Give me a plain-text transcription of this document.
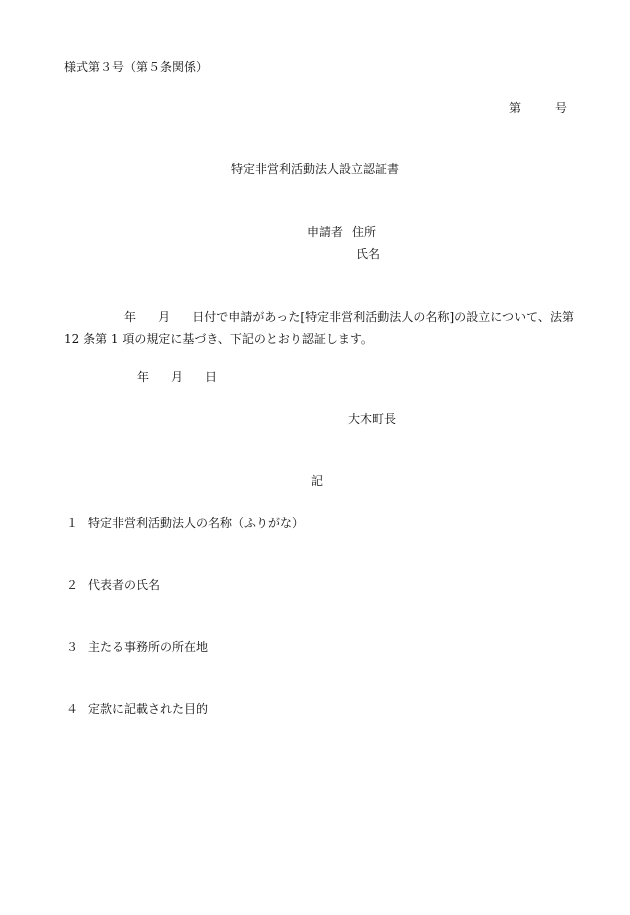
様式第３号（第５条関係）
第	号
特定非営利活動法人設立認証書
申請者 住所
氏名
年 月 日付で申請があった[特定非営利活動法人の名称]の設立について、法第 12 条第 1 項の規定に基づき、下記のとおり認証します。
年 月 日
大木町長
記
１ 特定非営利活動法人の名称（ふりがな）
２ 代表者の氏名
３ 主たる事務所の所在地
４ 定款に記載された目的
